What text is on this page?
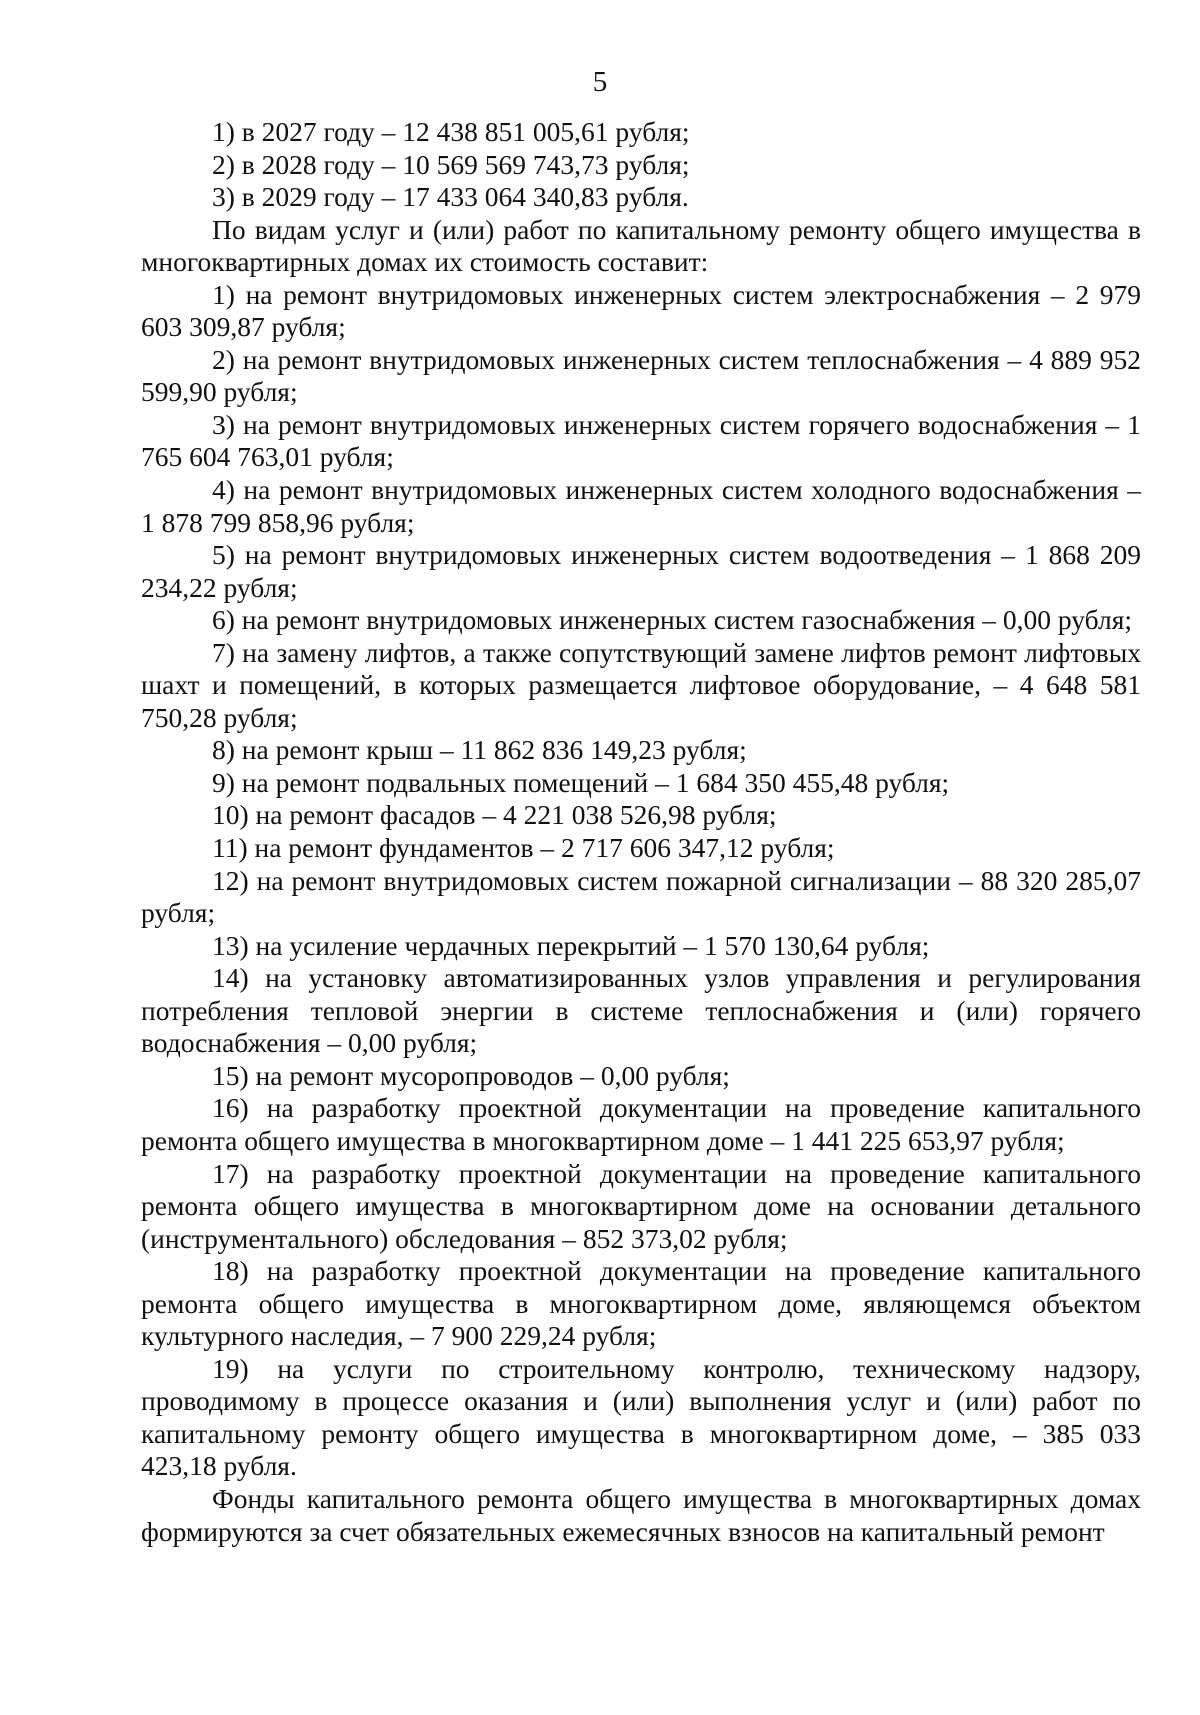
5

1) в 2027 году – 12 438 851 005,61 рубля;

2) в 2028 году – 10 569 569 743,73 рубля;

3) в 2029 году – 17 433 064 340,83 рубля.

По видам услуг и (или) работ по капитальному ремонту общего имущества в многоквартирных домах их стоимость составит:

1) на ремонт внутридомовых инженерных систем электроснабжения – 2 979 603 309,87 рубля;

2) на ремонт внутридомовых инженерных систем теплоснабжения – 4 889 952 599,90 рубля;

3) на ремонт внутридомовых инженерных систем горячего водоснабжения – 1 765 604 763,01 рубля;

4) на ремонт внутридомовых инженерных систем холодного водоснабжения – 1 878 799 858,96 рубля;

5) на ремонт внутридомовых инженерных систем водоотведения – 1 868 209 234,22 рубля;

6) на ремонт внутридомовых инженерных систем газоснабжения – 0,00 рубля;

7) на замену лифтов, а также сопутствующий замене лифтов ремонт лифтовых шахт и помещений, в которых размещается лифтовое оборудование, – 4 648 581 750,28 рубля;

8) на ремонт крыш – 11 862 836 149,23 рубля;

9) на ремонт подвальных помещений – 1 684 350 455,48 рубля;

10) на ремонт фасадов – 4 221 038 526,98 рубля;

11) на ремонт фундаментов – 2 717 606 347,12 рубля;

12) на ремонт внутридомовых систем пожарной сигнализации – 88 320 285,07 рубля;

13) на усиление чердачных перекрытий – 1 570 130,64 рубля;

14) на установку автоматизированных узлов управления и регулирования потребления тепловой энергии в системе теплоснабжения и (или) горячего водоснабжения – 0,00 рубля;

15) на ремонт мусоропроводов – 0,00 рубля;

16) на разработку проектной документации на проведение капитального ремонта общего имущества в многоквартирном доме – 1 441 225 653,97 рубля;

17) на разработку проектной документации на проведение капитального ремонта общего имущества в многоквартирном доме на основании детального (инструментального) обследования – 852 373,02 рубля;

18) на разработку проектной документации на проведение капитального ремонта общего имущества в многоквартирном доме, являющемся объектом культурного наследия, – 7 900 229,24 рубля;

19) на услуги по строительному контролю, техническому надзору, проводимому в процессе оказания и (или) выполнения услуг и (или) работ по капитальному ремонту общего имущества в многоквартирном доме, – 385 033 423,18 рубля.

Фонды капитального ремонта общего имущества в многоквартирных домах формируются за счет обязательных ежемесячных взносов на капитальный ремонт
